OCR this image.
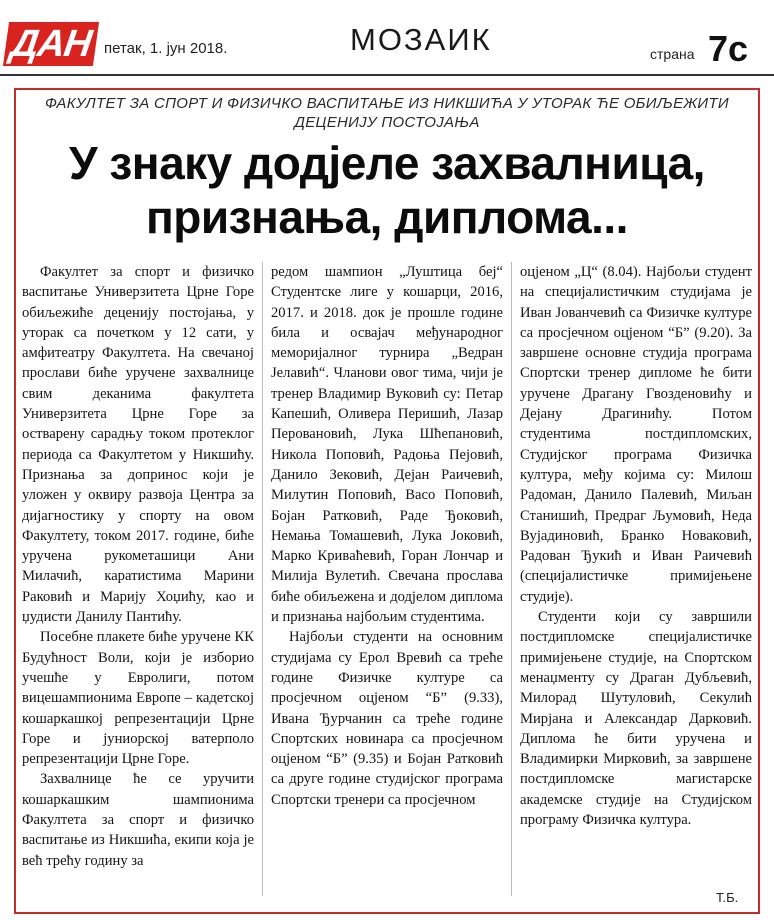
ДАН петак, 1. јун 2018.	МОЗАИК	страна 7с
ФАКУЛТЕТ ЗА СПОРТ И ФИЗИЧКО ВАСПИТАЊЕ ИЗ НИКШИЋА У УТОРАК ЋЕ ОБИЉЕЖИТИ ДЕЦЕНИЈУ ПОСТОЈАЊА
У знаку додјеле захвалница, признања, диплома...

Факултет за спорт и физичко васпитање Универзитета Црне Горе обиљежиће деценију постојања, у уторак са почетком у 12 сати, у амфитеатру Факултета. На свечаној прослави биће уручене захвалнице свим деканима факултета Универзитета Црне Горе за остварену сарадњу током протеклог периода са Факултетом у Никшићу. Признања за допринос који је уложен у оквиру развоја Центра за дијагностику у спорту на овом Факултету, током 2017. године, биће уручена рукометашици Ани Милачић, каратистима Марини Раковић и Марију Хоџићу, као и џудисти Данилу Пантићу.

Посебне плакете биће уручене КК Будућност Воли, који је изборио учешће у Евролиги, потом вицешампионима Европе – кадетској кошаркашкој репрезентацији Црне Горе и јуниорској ватерполо репрезентацији Црне Горе.

Захвалнице ће се уручити кошаркашким шампионима Факултета за спорт и физичко васпитање из Никшића, екипи која је већ трећу годину за

редом шампион „Луштица беј“ Студентске лиге у кошарци, 2016, 2017. и 2018. док је прошле године била и освајач међународног меморијалног турнира „Ведран Јелавић“. Чланови овог тима, чији је тренер Владимир Вуковић су: Петар Капешић, Оливера Перишић, Лазар Перовановић, Лука Шћепановић, Никола Поповић, Радоња Пејовић, Данило Зековић, Дејан Раичевић, Милутин Поповић, Васо Поповић, Бојан Ратковић, Раде Ђоковић, Немања Томашевић, Лука Јоковић, Марко Кривaћевић, Горан Лончар и Милија Вулетић. Свечана прослава биће обиљежена и додјелом диплома и признања најбољим студентима.

Најбољи студенти на основним студијама су Ерол Вревић са треће године Физичке културе са просјечном оцјеном “Б” (9.33), Ивана Ђурчанин са треће године Спортских новинара са просјечном оцјеном “Б” (9.35) и Бојан Ратковић са друге године студијског програма Спортски тренери са просјечном

оцјеном „Ц“ (8.04). Најбољи студент на специјалистичким студијама је Иван Јованчевић са Физичке културе са просјечном оцјеном “Б” (9.20). За завршене основне студија програма Спортски тренер дипломе ће бити уручене Драгану Гвозденовићу и Дејану Драгинићу. Потом студентима постдипломских, Студијског програма Физичка култура, међу којима су: Милош Радоман, Данило Палевић, Миљан Станишић, Предраг Љумовић, Неда Вујадиновић, Бранко Новаковић, Радован Ђукић и Иван Раичевић (специјалистичке примијењене студије).

Студенти који су завршили постдипломске специјалистичке примијењене студије, на Спортском менаџменту су Драган Дубљевић, Милорад Шутуловић, Секулић Мирјана и Александар Дарковић. Диплома ће бити уручена и Владимирки Мирковић, за завршене постдипломске магистарске академске студије на Студијском програму Физичка култура.

Т.Б.
